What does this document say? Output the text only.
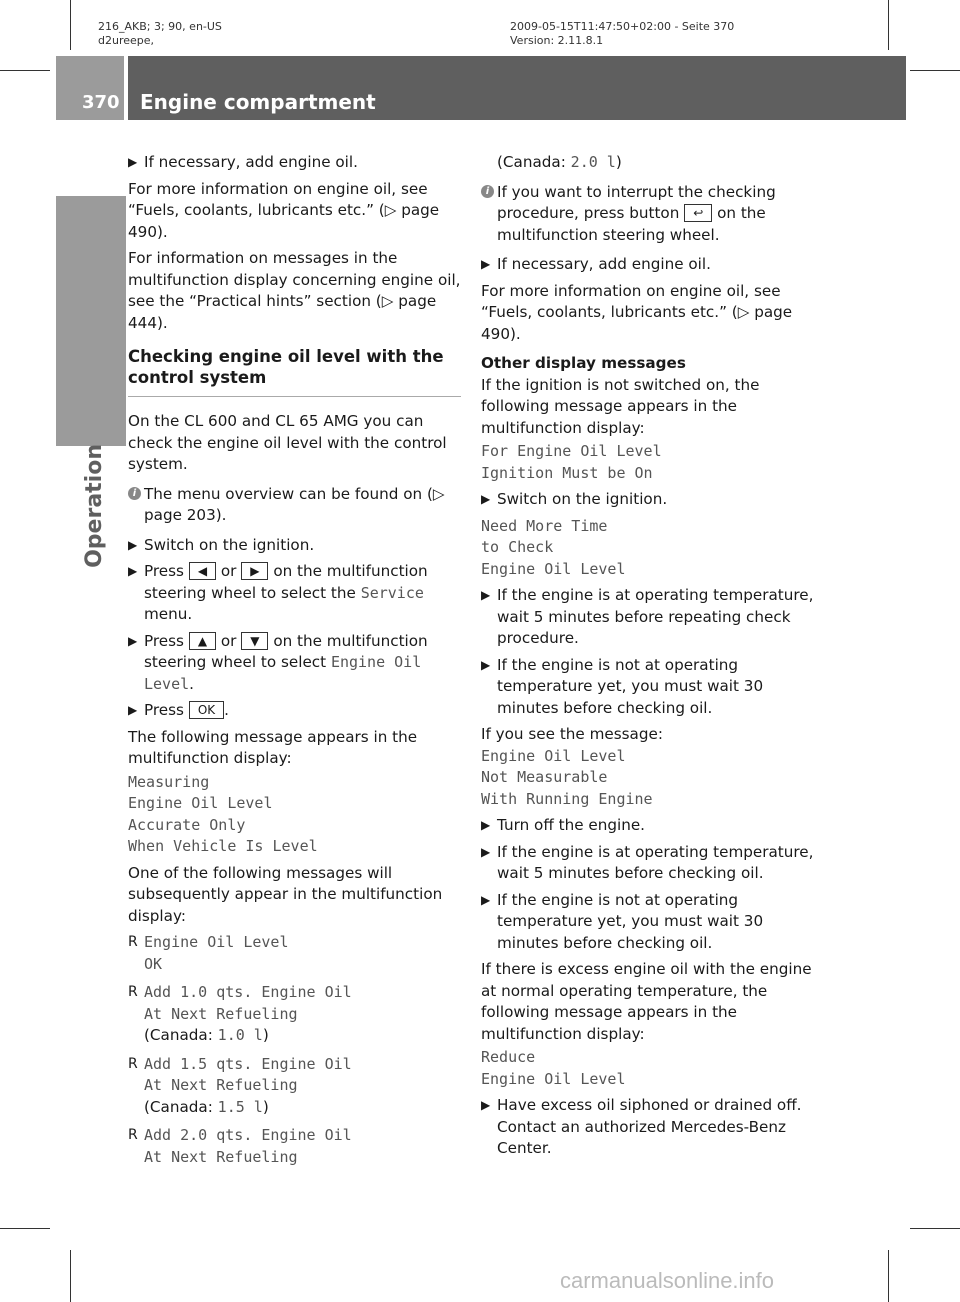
216_AKB; 3; 90, en-US
d2ureepe,
2009-05-15T11:47:50+02:00 - Seite 370
Version: 2.11.8.1
370 Engine compartment
Operation
▶ If necessary, add engine oil.

For more information on engine oil, see “Fuels, coolants, lubricants etc.” (▷ page 490).

For information on messages in the multifunction display concerning engine oil, see the “Practical hints” section (▷ page 444).

Checking engine oil level with the control system

On the CL 600 and CL 65 AMG you can check the engine oil level with the control system.

i The menu overview can be found on (▷ page 203).
▶ Switch on the ignition.
▶ Press ◀ or ▶ on the multifunction steering wheel to select the Service menu.
▶ Press ▲ or ▼ on the multifunction steering wheel to select Engine Oil Level.
▶ Press OK .

The following message appears in the multifunction display:

Measuring
Engine Oil Level
Accurate Only
When Vehicle Is Level

One of the following messages will subsequently appear in the multifunction display:

R Engine Oil Level
OK
R Add 1.0 qts. Engine Oil
At Next Refueling
(Canada: 1.0 l)
R Add 1.5 qts. Engine Oil
At Next Refueling
(Canada: 1.5 l)
R Add 2.0 qts. Engine Oil
At Next Refueling

(Canada: 2.0 l)

i If you want to interrupt the checking procedure, press button ↩ on the multifunction steering wheel.
▶ If necessary, add engine oil.

For more information on engine oil, see “Fuels, coolants, lubricants etc.” (▷ page 490).

Other display messages

If the ignition is not switched on, the following message appears in the multifunction display:

For Engine Oil Level
Ignition Must be On
▶ Switch on the ignition.
Need More Time
to Check
Engine Oil Level
▶ If the engine is at operating temperature, wait 5 minutes before repeating check procedure.
▶ If the engine is not at operating temperature yet, you must wait 30 minutes before checking oil.

If you see the message:

Engine Oil Level
Not Measurable
With Running Engine
▶ Turn off the engine.
▶ If the engine is at operating temperature, wait 5 minutes before checking oil.
▶ If the engine is not at operating temperature yet, you must wait 30 minutes before checking oil.

If there is excess engine oil with the engine at normal operating temperature, the following message appears in the multifunction display:

Reduce
Engine Oil Level
▶ Have excess oil siphoned or drained off. Contact an authorized Mercedes-Benz Center.
carmanualsonline.info
